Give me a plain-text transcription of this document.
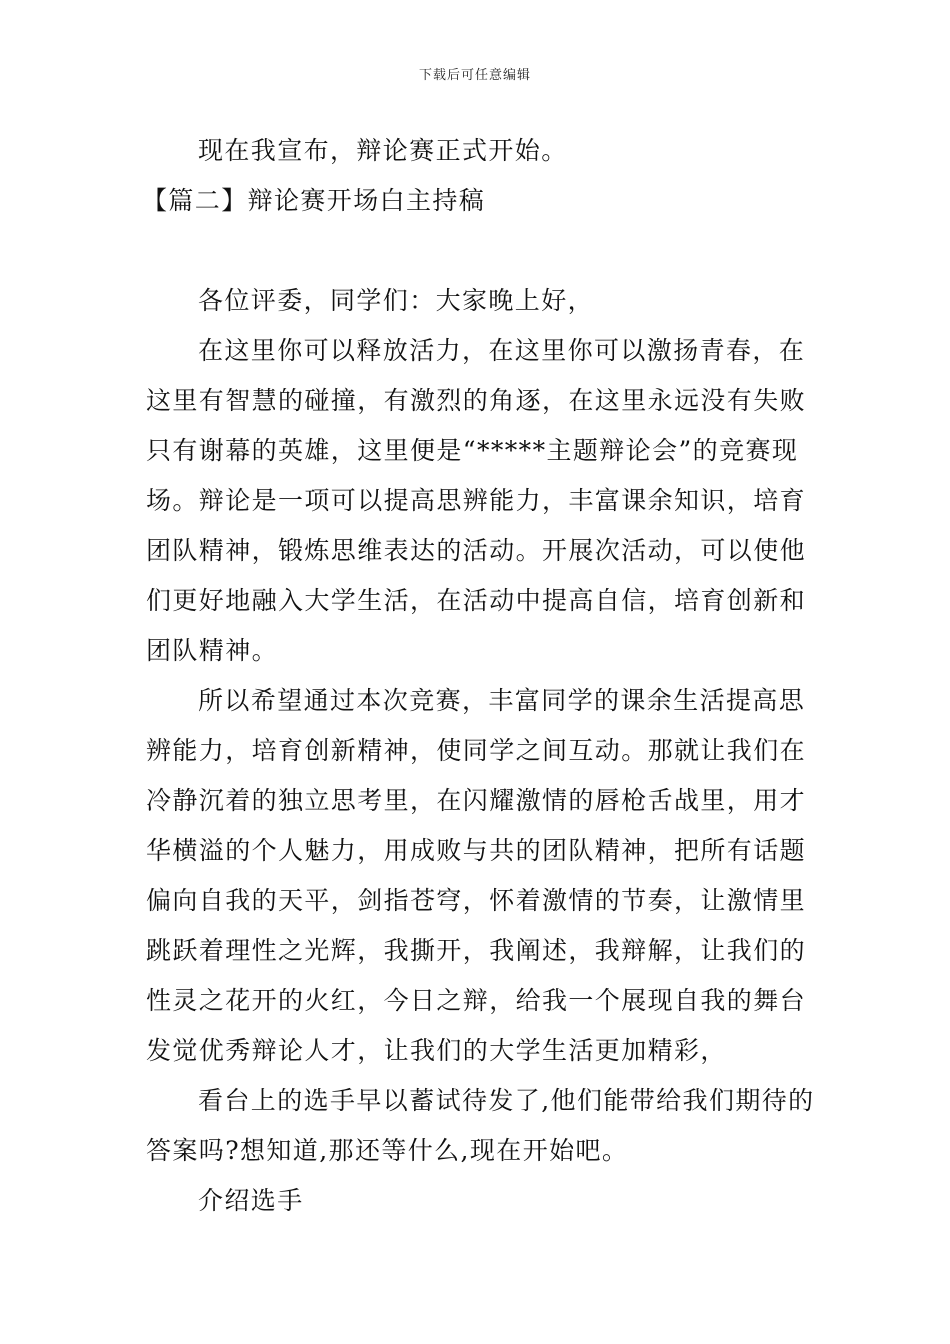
下载后可任意编辑
现在我宣布，辩论赛正式开始。
【篇二】辩论赛开场白主持稿
各位评委，同学们：大家晚上好，
在这里你可以释放活力，在这里你可以激扬青春，在
这里有智慧的碰撞，有激烈的角逐，在这里永远没有失败
只有谢幕的英雄，这里便是“*****主题辩论会”的竞赛现
场。辩论是一项可以提高思辨能力，丰富课余知识，培育
团队精神，锻炼思维表达的活动。开展次活动，可以使他
们更好地融入大学生活，在活动中提高自信，培育创新和
团队精神。
所以希望通过本次竞赛，丰富同学的课余生活提高思
辨能力，培育创新精神，使同学之间互动。那就让我们在
冷静沉着的独立思考里，在闪耀激情的唇枪舌战里，用才
华横溢的个人魅力，用成败与共的团队精神，把所有话题
偏向自我的天平，剑指苍穹，怀着激情的节奏，让激情里
跳跃着理性之光辉，我撕开，我阐述，我辩解，让我们的
性灵之花开的火红，今日之辩，给我一个展现自我的舞台
发觉优秀辩论人才，让我们的大学生活更加精彩，
看台上的选手早以蓄试待发了,他们能带给我们期待的
答案吗?想知道,那还等什么,现在开始吧。
介绍选手
